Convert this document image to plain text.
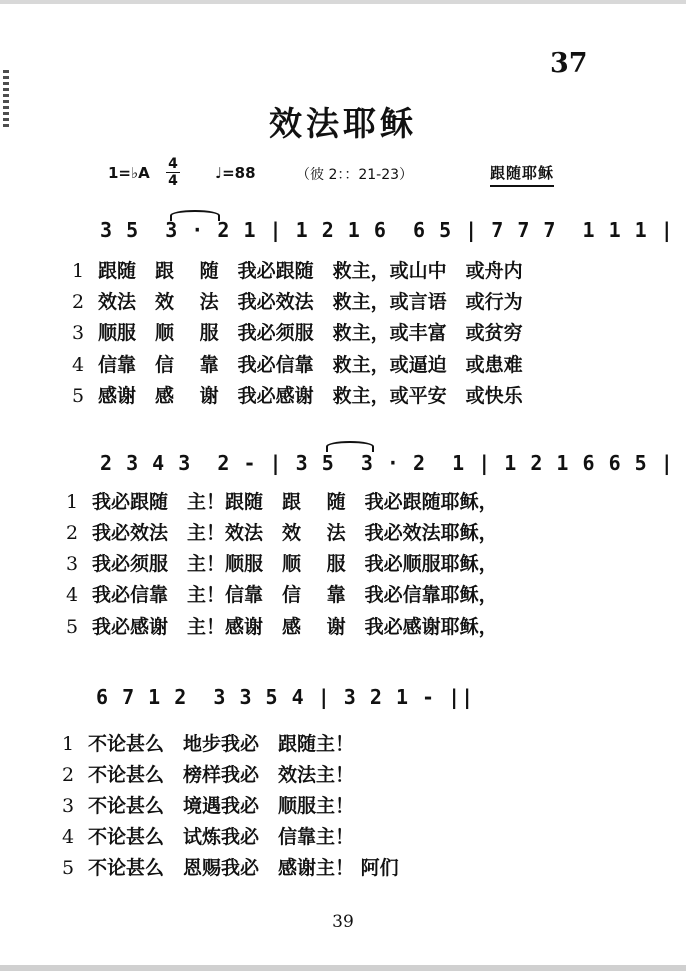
37
效法耶稣
1=♭A 4
4 ♩=88	（彼 2：：21-23）	跟随耶稣
3 5  3 · 2 1 | 1 2 1 6  6 5 | 7 7 7  1 1 1 |
1 跟随　跟　 随　我必跟随　救主，或山中　或舟内
2 效法　效　 法　我必效法　救主，或言语　或行为
3 顺服　顺　 服　我必须服　救主，或丰富　或贫穷
4 信靠　信　 靠　我必信靠　救主，或逼迫　或患难
5 感谢　感　 谢　我必感谢　救主，或平安　或快乐
2 3 4 3  2 - | 3 5  3 · 2  1 | 1 2 1 6 6 5 |
1 我必跟随　主！跟随　跟　 随　我必跟随耶稣，
2 我必效法　主！效法　效　 法　我必效法耶稣，
3 我必须服　主！顺服　顺　 服　我必顺服耶稣，
4 我必信靠　主！信靠　信　 靠　我必信靠耶稣，
5 我必感谢　主！感谢　感　 谢　我必感谢耶稣，
6 7 1 2  3 3 5 4 | 3 2 1 - ||
1 不论甚么　地步我必　跟随主！
2 不论甚么　榜样我必　效法主！
3 不论甚么　境遇我必　顺服主！
4 不论甚么　试炼我必　信靠主！
5 不论甚么　恩赐我必　感谢主！ 阿们
39
